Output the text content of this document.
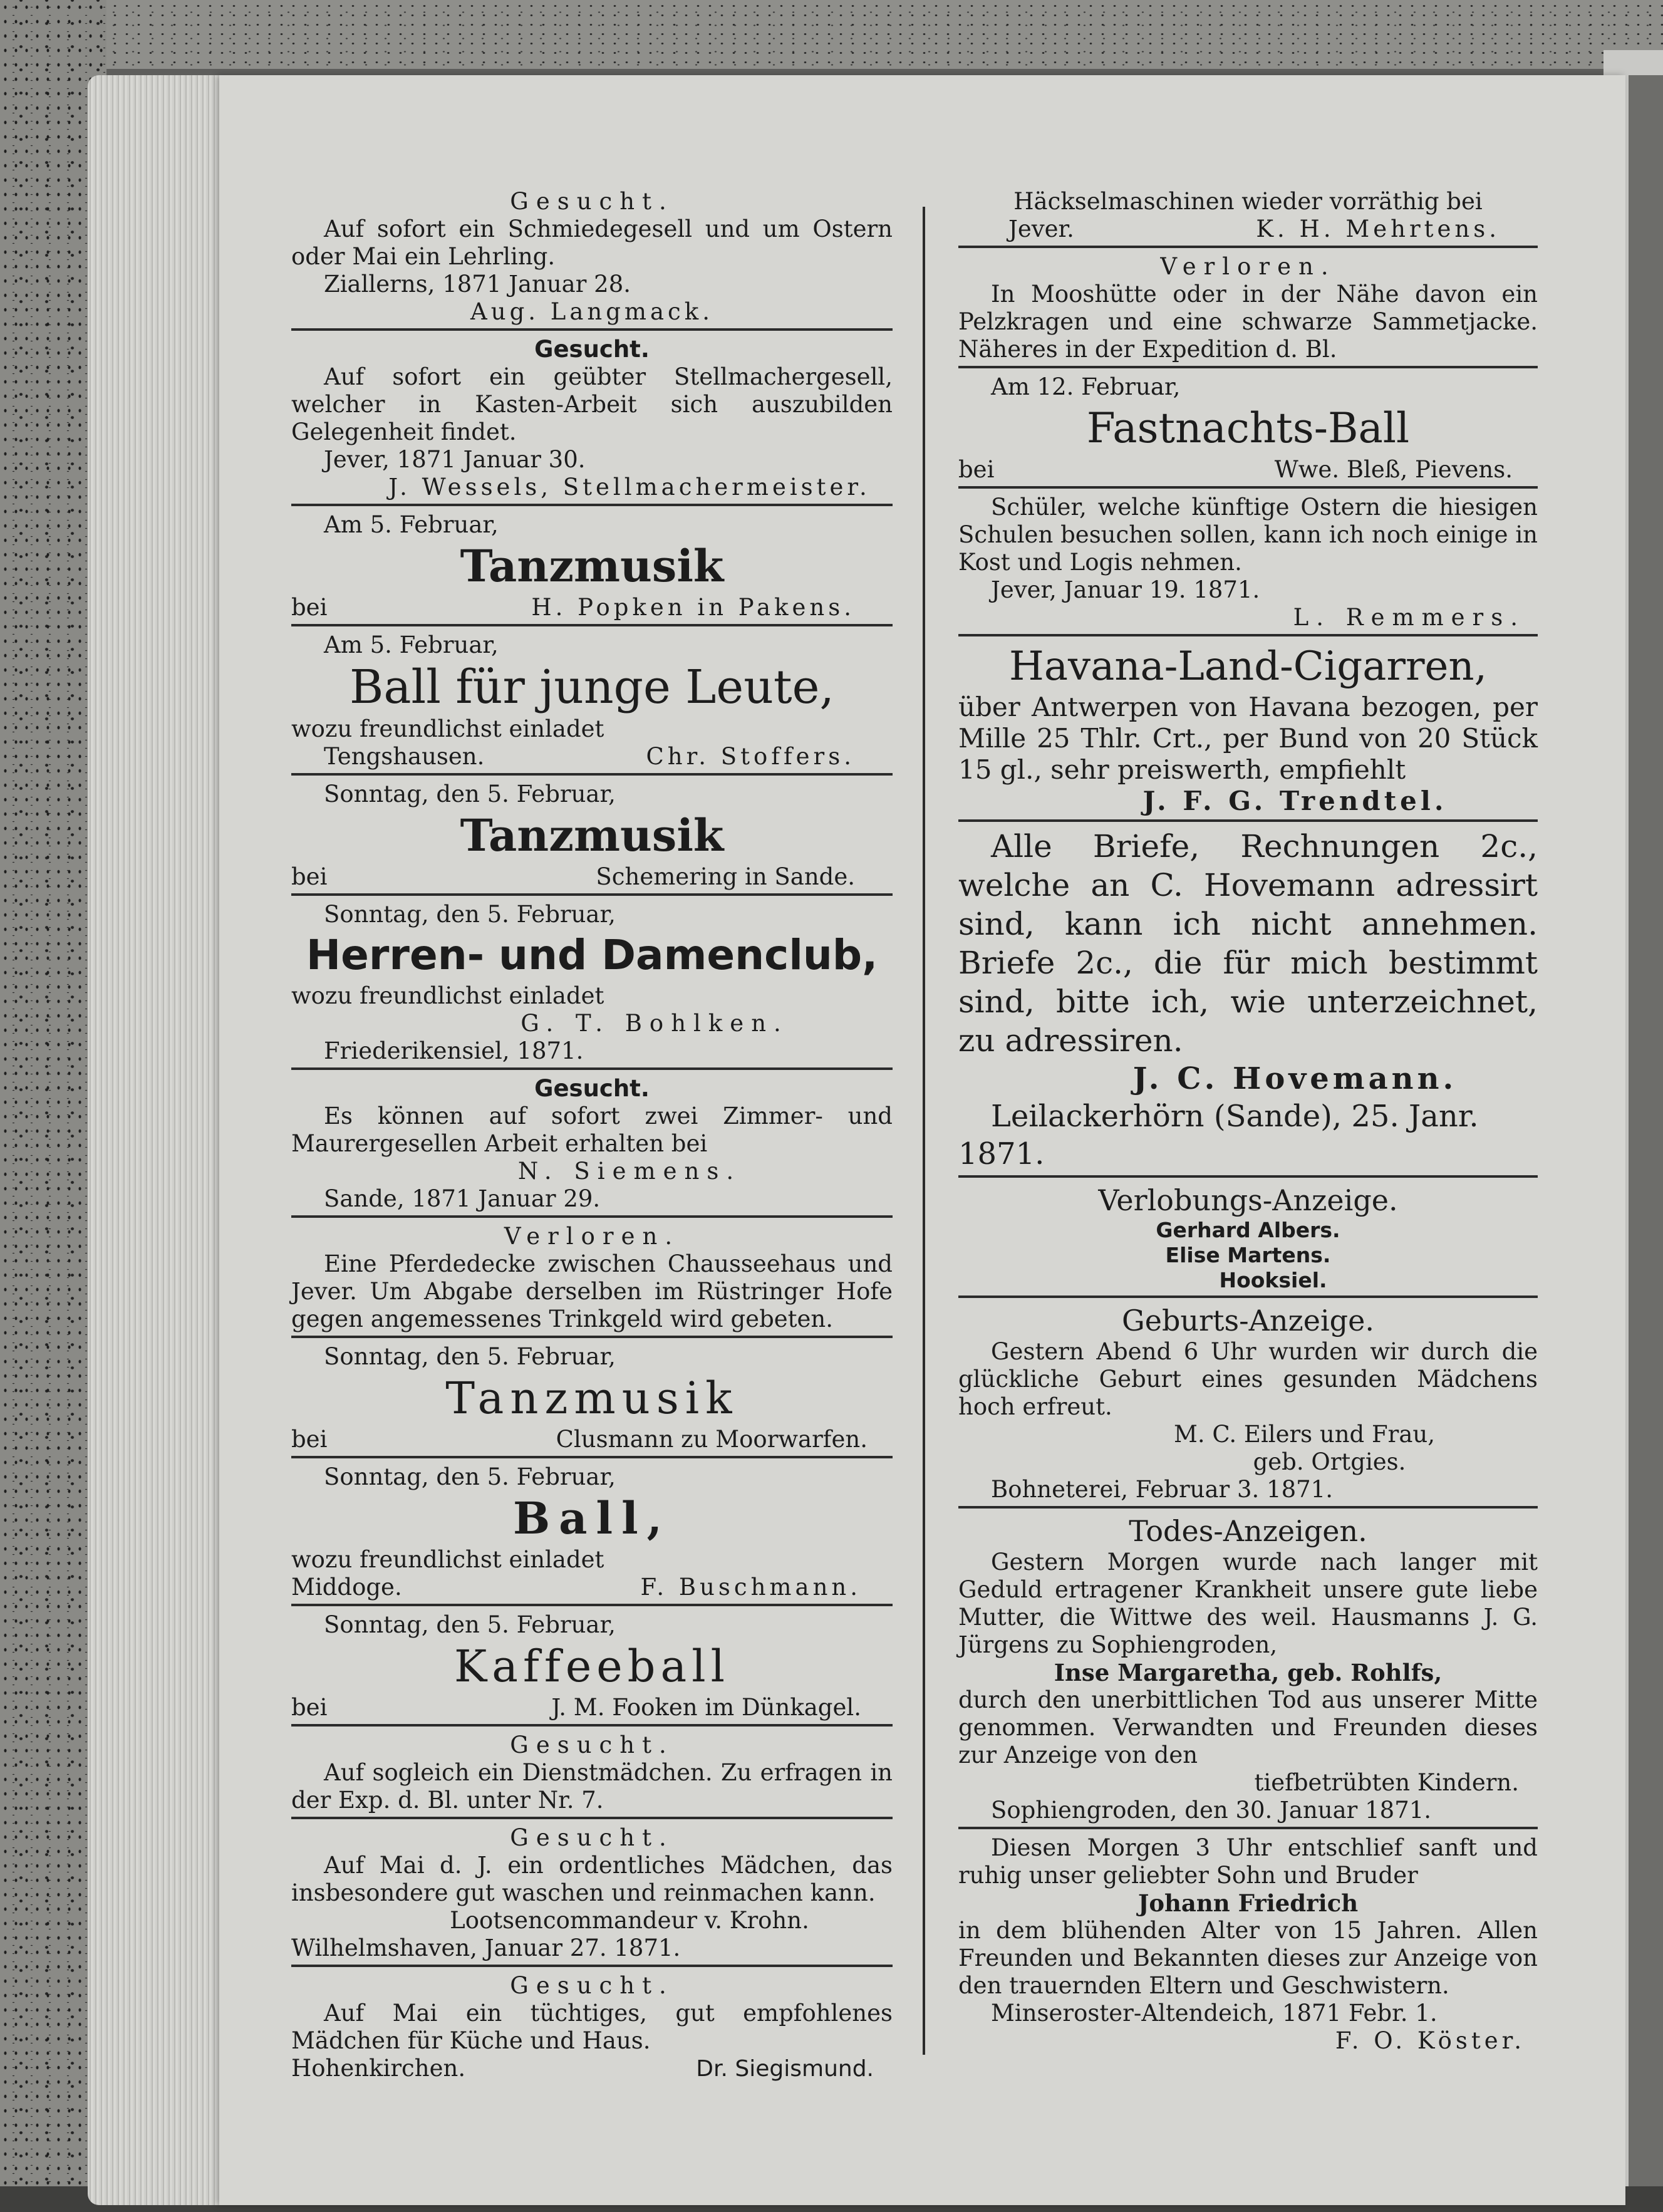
Gesucht.

Auf sofort ein Schmiedegesell und um Ostern oder Mai ein Lehrling.

Ziallerns, 1871 Januar 28.

Aug. Langmack.

Gesucht.

Auf sofort ein geübter Stellmachergesell, welcher in Kasten-Arbeit sich auszubilden Gelegenheit findet.

Jever, 1871 Januar 30.

J. Wessels, Stellmachermeister.

Am 5. Februar,

Tanzmusik

bei	H. Popken in Pakens.

Am 5. Februar,

Ball für junge Leute,

wozu freundlichst einladet

Tengshausen.	Chr. Stoffers.

Sonntag, den 5. Februar,

Tanzmusik

bei	Schemering in Sande.

Sonntag, den 5. Februar,

Herren- und Damenclub,

wozu freundlichst einladet

G. T. Bohlken.

Friederikensiel, 1871.

Gesucht.

Es können auf sofort zwei Zimmer- und Maurergesellen Arbeit erhalten bei

N. Siemens.

Sande, 1871 Januar 29.

Verloren.

Eine Pferdedecke zwischen Chausseehaus und Jever. Um Abgabe derselben im Rüstringer Hofe gegen angemessenes Trinkgeld wird gebeten.

Sonntag, den 5. Februar,

Tanzmusik

bei	Clusmann zu Moorwarfen.

Sonntag, den 5. Februar,

Ball,

wozu freundlichst einladet

Middoge.	F. Buschmann.

Sonntag, den 5. Februar,

Kaffeeball

bei	J. M. Fooken im Dünkagel.

Gesucht.

Auf sogleich ein Dienstmädchen. Zu erfragen in der Exp. d. Bl. unter Nr. 7.

Gesucht.

Auf Mai d. J. ein ordentliches Mädchen, das insbesondere gut waschen und reinmachen kann.

Lootsencommandeur v. Krohn.

Wilhelmshaven, Januar 27. 1871.

Gesucht.

Auf Mai ein tüchtiges, gut empfohlenes Mädchen für Küche und Haus.

Hohenkirchen.	Dr. Siegismund.

Häckselmaschinen wieder vorräthig bei

Jever.	K. H. Mehrtens.

Verloren.

In Mooshütte oder in der Nähe davon ein Pelzkragen und eine schwarze Sammetjacke. Näheres in der Expedition d. Bl.

Am 12. Februar,

Fastnachts-Ball

bei	Wwe. Bleß, Pievens.

Schüler, welche künftige Ostern die hiesigen Schulen besuchen sollen, kann ich noch einige in Kost und Logis nehmen.

Jever, Januar 19. 1871.

L. Remmers.

Havana-Land-Cigarren,

über Antwerpen von Havana bezogen, per Mille 25 Thlr. Crt., per Bund von 20 Stück 15 gl., sehr preiswerth, empfiehlt

J. F. G. Trendtel.

Alle Briefe, Rechnungen 2c., welche an C. Hovemann adressirt sind, kann ich nicht annehmen. Briefe 2c., die für mich bestimmt sind, bitte ich, wie unterzeichnet, zu adressiren.

J. C. Hovemann.

Leilackerhörn (Sande), 25. Janr. 1871.

Verlobungs-Anzeige.

Gerhard Albers.

Elise Martens.

Hooksiel.

Geburts-Anzeige.

Gestern Abend 6 Uhr wurden wir durch die glückliche Geburt eines gesunden Mädchens hoch erfreut.

M. C. Eilers und Frau,

geb. Ortgies.

Bohneterei, Februar 3. 1871.

Todes-Anzeigen.

Gestern Morgen wurde nach langer mit Geduld ertragener Krankheit unsere gute liebe Mutter, die Wittwe des weil. Hausmanns J. G. Jürgens zu Sophiengroden,

Inse Margaretha, geb. Rohlfs,

durch den unerbittlichen Tod aus unserer Mitte genommen. Verwandten und Freunden dieses zur Anzeige von den

tiefbetrübten Kindern.

Sophiengroden, den 30. Januar 1871.

Diesen Morgen 3 Uhr entschlief sanft und ruhig unser geliebter Sohn und Bruder

Johann Friedrich

in dem blühenden Alter von 15 Jahren. Allen Freunden und Bekannten dieses zur Anzeige von den trauernden Eltern und Geschwistern.

Minseroster-Altendeich, 1871 Febr. 1.

F. O. Köster.
